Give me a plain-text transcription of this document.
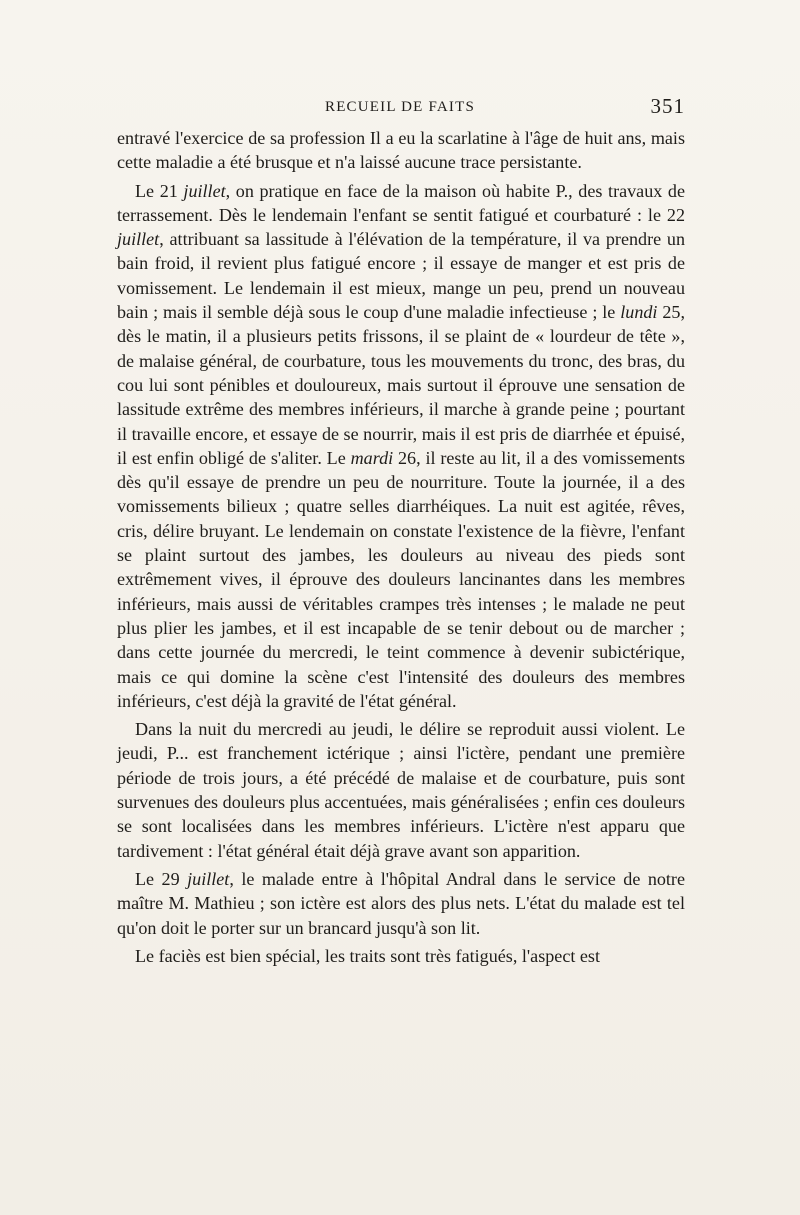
RECUEIL DE FAITS	351

entravé l'exercice de sa profession Il a eu la scarlatine à l'âge de huit ans, mais cette maladie a été brusque et n'a laissé aucune trace persistante.

Le 21 juillet, on pratique en face de la maison où habite P., des travaux de terrassement. Dès le lendemain l'enfant se sentit fatigué et courbaturé : le 22 juillet, attribuant sa lassitude à l'élévation de la température, il va prendre un bain froid, il revient plus fatigué encore ; il essaye de manger et est pris de vomissement. Le lendemain il est mieux, mange un peu, prend un nouveau bain ; mais il semble déjà sous le coup d'une maladie infectieuse ; le lundi 25, dès le matin, il a plusieurs petits frissons, il se plaint de « lourdeur de tête », de malaise général, de courbature, tous les mouvements du tronc, des bras, du cou lui sont pénibles et douloureux, mais surtout il éprouve une sensation de lassitude extrême des membres inférieurs, il marche à grande peine ; pourtant il travaille encore, et essaye de se nourrir, mais il est pris de diarrhée et épuisé, il est enfin obligé de s'aliter. Le mardi 26, il reste au lit, il a des vomissements dès qu'il essaye de prendre un peu de nourriture. Toute la journée, il a des vomissements bilieux ; quatre selles diarrhéiques. La nuit est agitée, rêves, cris, délire bruyant. Le lendemain on constate l'existence de la fièvre, l'enfant se plaint surtout des jambes, les douleurs au niveau des pieds sont extrêmement vives, il éprouve des douleurs lancinantes dans les membres inférieurs, mais aussi de véritables crampes très intenses ; le malade ne peut plus plier les jambes, et il est incapable de se tenir debout ou de marcher ; dans cette journée du mercredi, le teint commence à devenir subictérique, mais ce qui domine la scène c'est l'intensité des douleurs des membres inférieurs, c'est déjà la gravité de l'état général.

Dans la nuit du mercredi au jeudi, le délire se reproduit aussi violent. Le jeudi, P... est franchement ictérique ; ainsi l'ictère, pendant une première période de trois jours, a été précédé de malaise et de courbature, puis sont survenues des douleurs plus accentuées, mais généralisées ; enfin ces douleurs se sont localisées dans les membres inférieurs. L'ictère n'est apparu que tardivement : l'état général était déjà grave avant son apparition.

Le 29 juillet, le malade entre à l'hôpital Andral dans le service de notre maître M. Mathieu ; son ictère est alors des plus nets. L'état du malade est tel qu'on doit le porter sur un brancard jusqu'à son lit.

Le faciès est bien spécial, les traits sont très fatigués, l'aspect est
